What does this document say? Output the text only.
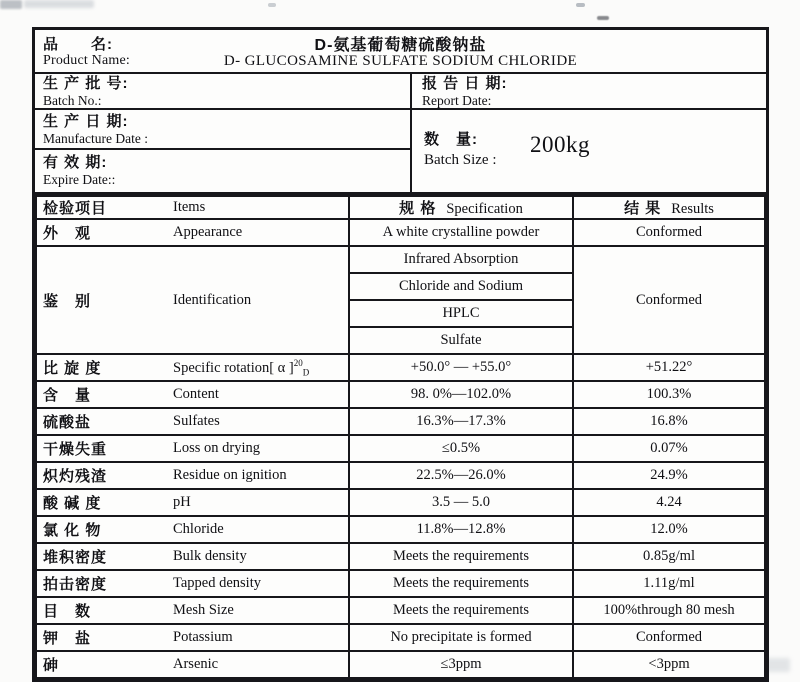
品　　名:	D-氨基葡萄糖硫酸钠盐
Product Name:	D- GLUCOSAMINE SULFATE SODIUM CHLORIDE
生 产 批 号:
Batch No.:
报 告 日 期:
Report Date:
生 产 日 期:
Manufacture Date :
有 效 期:
Expire Date::
数　量:
Batch Size :
200kg
检验项目 Items	规 格 Specification	结 果 Results

外　观 Appearance	A white crystalline powder	Conformed

鉴　别 Identification	Infrared Absorption	Conformed
	Chloride and Sodium	
	HPLC	
	Sulfate	

比 旋 度 Specific rotation[ α ]$^{20}_D$	+50.0° — +55.0°	+51.22°

含　量 Content	98. 0%—102.0%	100.3%

硫酸盐 Sulfates	16.3%—17.3%	16.8%

干燥失重 Loss on drying	≤0.5%	0.07%

炽灼残渣 Residue on ignition	22.5%—26.0%	24.9%

酸 碱 度 pH	3.5 — 5.0	4.24

氯 化 物 Chloride	11.8%—12.8%	12.0%

堆积密度 Bulk density	Meets the requirements	0.85g/ml

拍击密度 Tapped density	Meets the requirements	1.11g/ml

目　数 Mesh Size	Meets the requirements	100%through 80 mesh

钾　盐 Potassium	No precipitate is formed	Conformed

砷 Arsenic	≤3ppm	<3ppm
